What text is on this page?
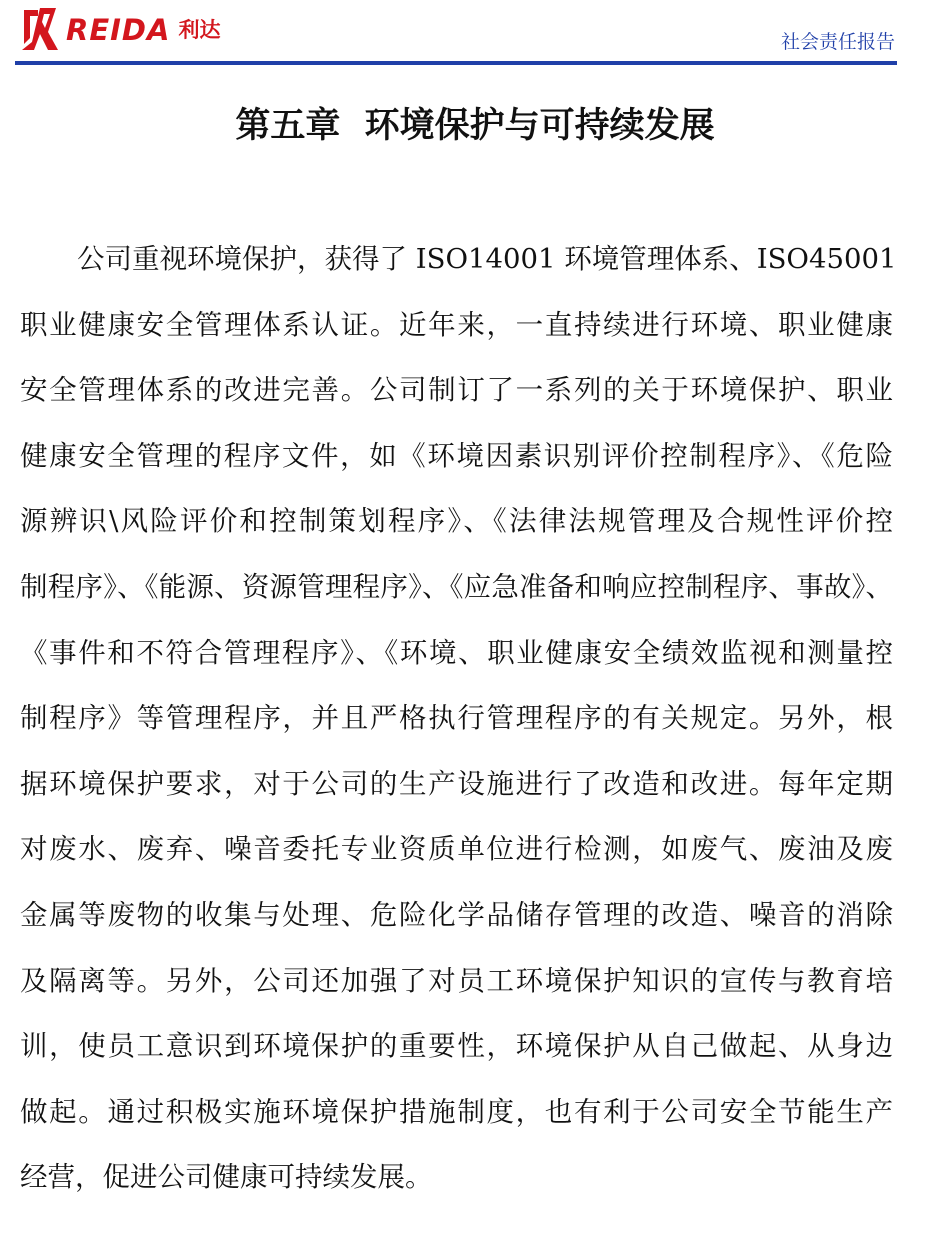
REIDA 利达
社会责任报告
第五章  环境保护与可持续发展
公司重视环境保护，获得了 ISO14001 环境管理体系、ISO45001
职业健康安全管理体系认证。近年来，一直持续进行环境、职业健康
安全管理体系的改进完善。公司制订了一系列的关于环境保护、职业
健康安全管理的程序文件，如《环境因素识别评价控制程序》、《危险
源辨识\风险评价和控制策划程序》、《法律法规管理及合规性评价控
制程序》、《能源、资源管理程序》、《应急准备和响应控制程序、事故》、
《事件和不符合管理程序》、《环境、职业健康安全绩效监视和测量控
制程序》等管理程序，并且严格执行管理程序的有关规定。另外，根
据环境保护要求，对于公司的生产设施进行了改造和改进。每年定期
对废水、废弃、噪音委托专业资质单位进行检测，如废气、废油及废
金属等废物的收集与处理、危险化学品储存管理的改造、噪音的消除
及隔离等。另外，公司还加强了对员工环境保护知识的宣传与教育培
训，使员工意识到环境保护的重要性，环境保护从自己做起、从身边
做起。通过积极实施环境保护措施制度，也有利于公司安全节能生产
经营，促进公司健康可持续发展。
